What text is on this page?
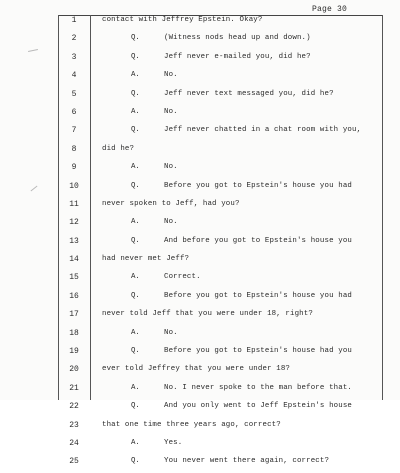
Page 30
1	contact with Jeffrey Epstein. Okay?
2	Q.	(Witness nods head up and down.)
3	Q.	Jeff never e-mailed you, did he?
4	A.	No.
5	Q.	Jeff never text messaged you, did he?
6	A.	No.
7	Q.	Jeff never chatted in a chat room with you,
8	did he?
9	A.	No.
10	Q.	Before you got to Epstein's house you had
11	never spoken to Jeff, had you?
12	A.	No.
13	Q.	And before you got to Epstein's house you
14	had never met Jeff?
15	A.	Correct.
16	Q.	Before you got to Epstein's house you had
17	never told Jeff that you were under 18, right?
18	A.	No.
19	Q.	Before you got to Epstein's house had you
20	ever told Jeffrey that you were under 18?
21	A.	No. I never spoke to the man before that.
22	Q.	And you only went to Jeff Epstein's house
23	that one time three years ago, correct?
24	A.	Yes.
25	Q.	You never went there again, correct?
